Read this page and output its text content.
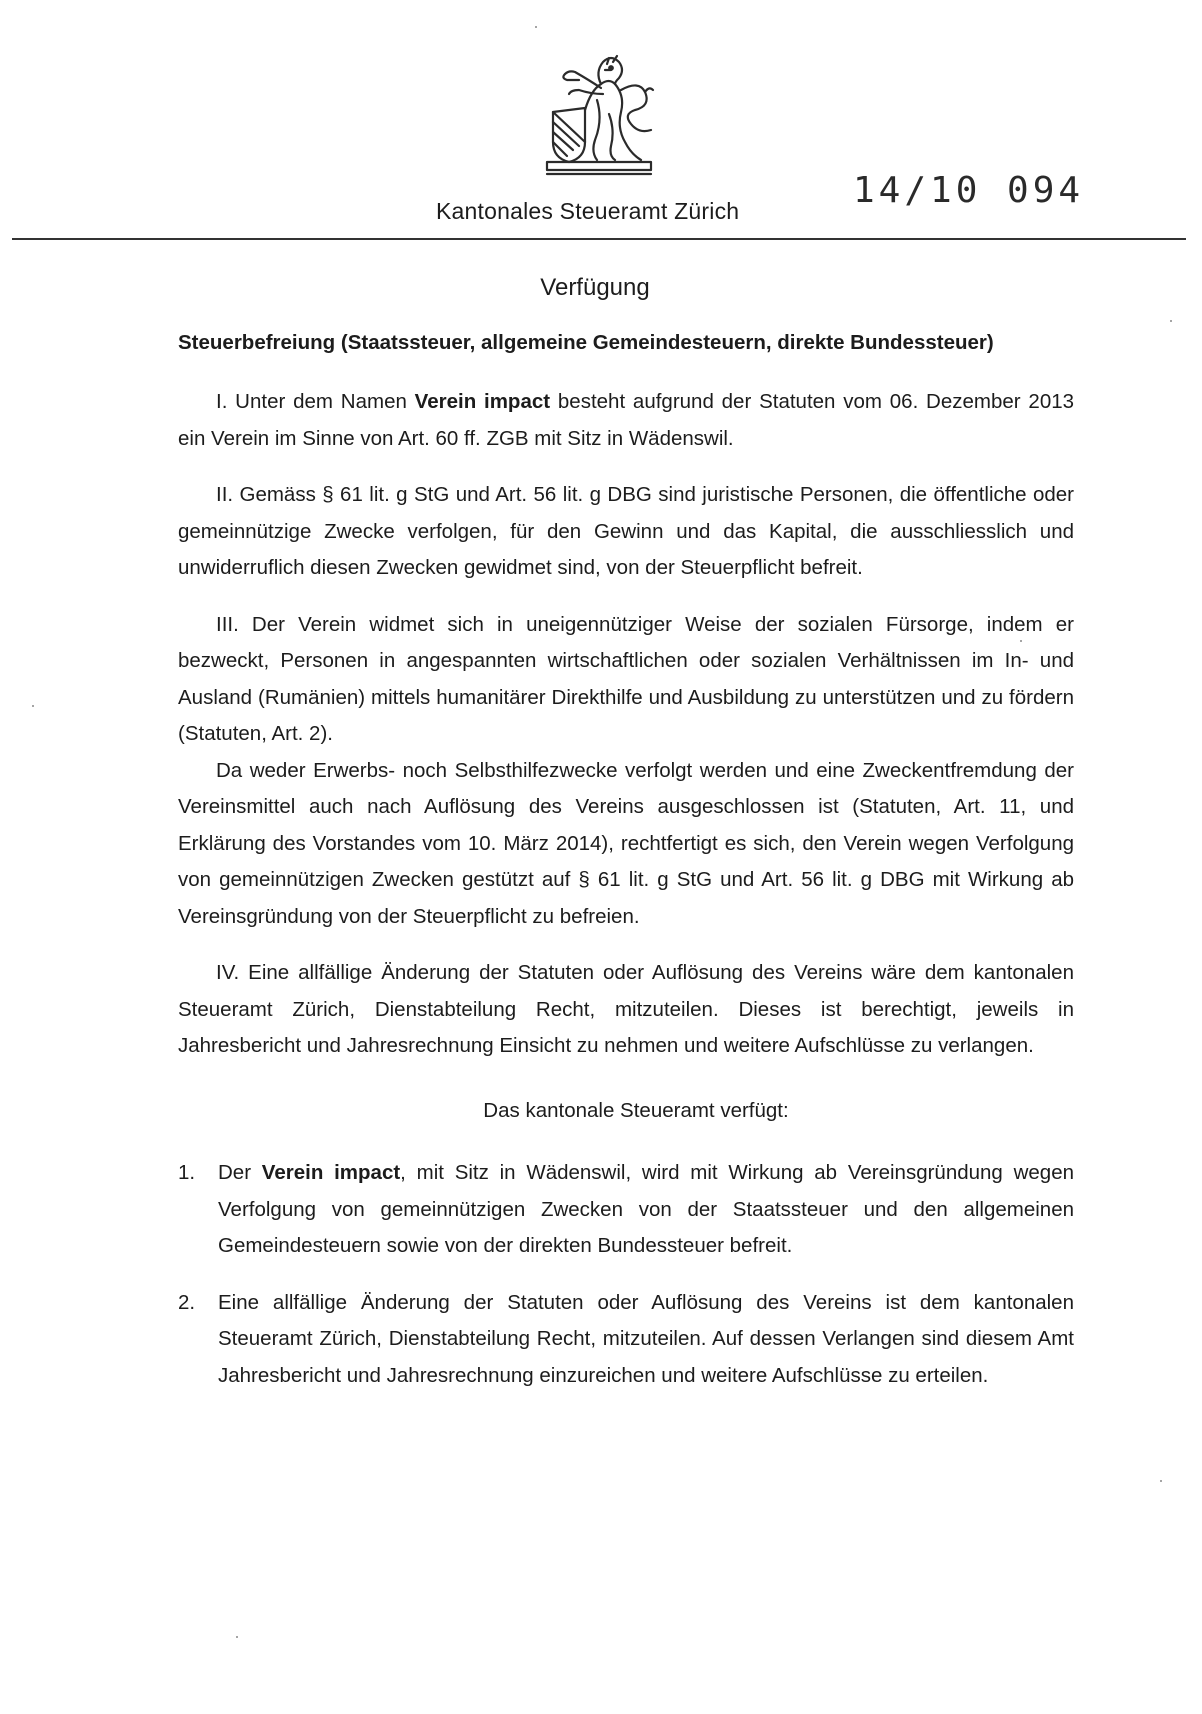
Kantonales Steueramt Zürich	14/10 094
Verfügung

Steuerbefreiung (Staatssteuer, allgemeine Gemeindesteuern, direkte Bundessteuer)

I. Unter dem Namen Verein impact besteht aufgrund der Statuten vom 06. Dezember 2013 ein Verein im Sinne von Art. 60 ff. ZGB mit Sitz in Wädenswil.

II. Gemäss § 61 lit. g StG und Art. 56 lit. g DBG sind juristische Personen, die öffentliche oder gemeinnützige Zwecke verfolgen, für den Gewinn und das Kapital, die ausschliesslich und unwiderruflich diesen Zwecken gewidmet sind, von der Steuerpflicht befreit.

III. Der Verein widmet sich in uneigennütziger Weise der sozialen Fürsorge, indem er bezweckt, Personen in angespannten wirtschaftlichen oder sozialen Verhältnissen im In- und Ausland (Rumänien) mittels humanitärer Direkthilfe und Ausbildung zu unterstützen und zu fördern (Statuten, Art. 2).

Da weder Erwerbs- noch Selbsthilfezwecke verfolgt werden und eine Zweckentfremdung der Vereinsmittel auch nach Auflösung des Vereins ausgeschlossen ist (Statuten, Art. 11, und Erklärung des Vorstandes vom 10. März 2014), rechtfertigt es sich, den Verein wegen Verfolgung von gemeinnützigen Zwecken gestützt auf § 61 lit. g StG und Art. 56 lit. g DBG mit Wirkung ab Vereinsgründung von der Steuerpflicht zu befreien.

IV. Eine allfällige Änderung der Statuten oder Auflösung des Vereins wäre dem kantonalen Steueramt Zürich, Dienstabteilung Recht, mitzuteilen. Dieses ist berechtigt, jeweils in Jahresbericht und Jahresrechnung Einsicht zu nehmen und weitere Aufschlüsse zu verlangen.

Das kantonale Steueramt verfügt:
1.	Der Verein impact, mit Sitz in Wädenswil, wird mit Wirkung ab Vereinsgründung wegen Verfolgung von gemeinnützigen Zwecken von der Staatssteuer und den allgemeinen Gemeindesteuern sowie von der direkten Bundessteuer befreit.
2.	Eine allfällige Änderung der Statuten oder Auflösung des Vereins ist dem kantonalen Steueramt Zürich, Dienstabteilung Recht, mitzuteilen. Auf dessen Verlangen sind diesem Amt Jahresbericht und Jahresrechnung einzureichen und weitere Aufschlüsse zu erteilen.
